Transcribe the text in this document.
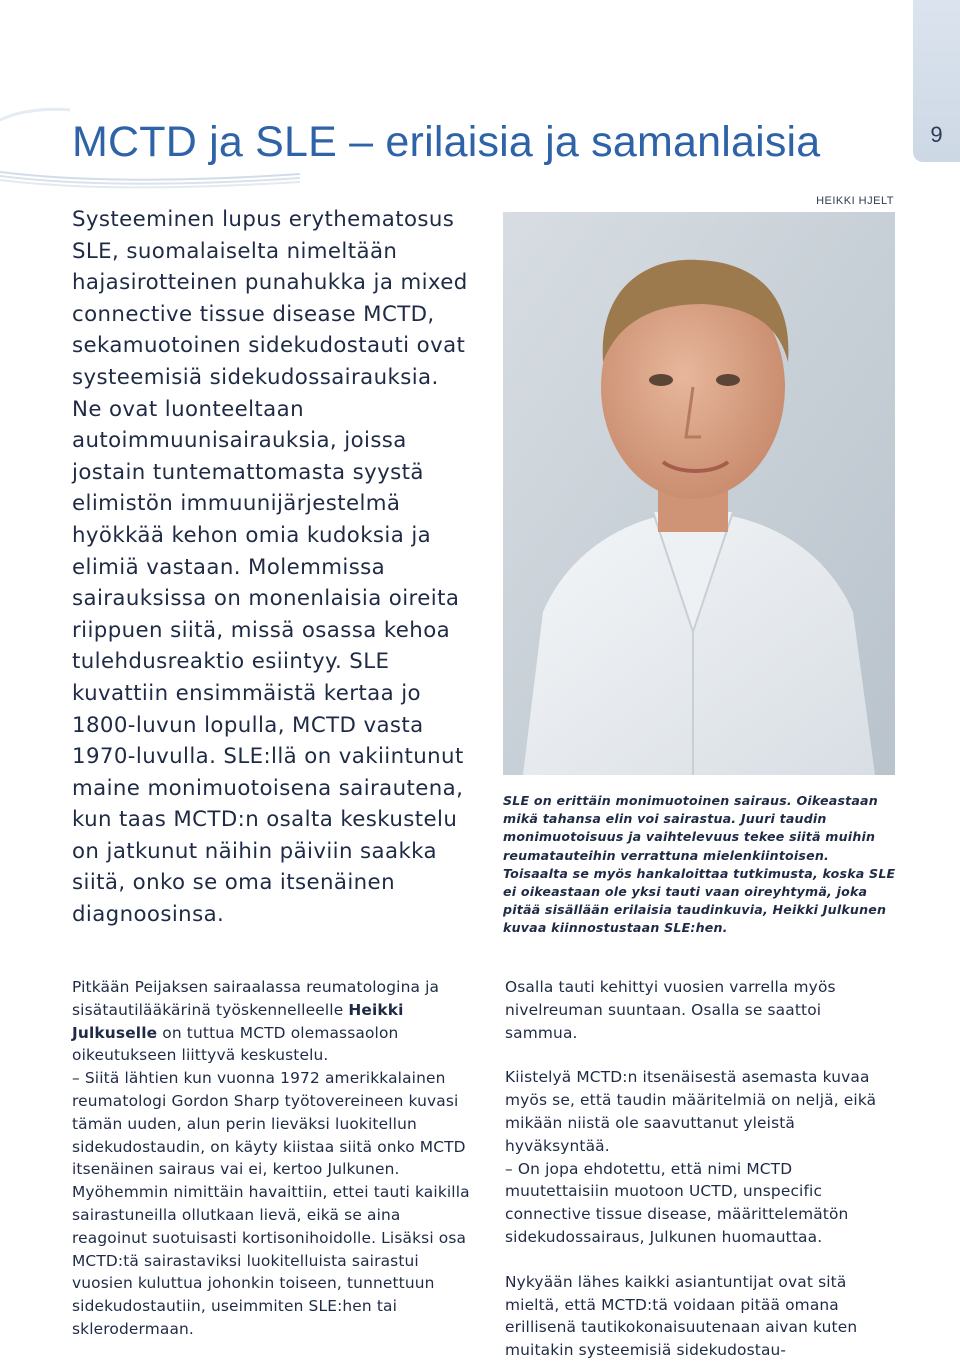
9
MCTD ja SLE – erilaisia ja samanlaisia

Systeeminen lupus erythematosus SLE, suomalaiselta nimeltään hajasirotteinen punahukka ja mixed connective tissue disease MCTD, sekamuotoinen sidekudostauti ovat systeemisiä sidekudossairauksia. Ne ovat luonteeltaan autoimmuunisairauksia, joissa jostain tuntemattomasta syystä elimistön immuunijärjestelmä hyökkää kehon omia kudoksia ja elimiä vastaan. Molemmissa sairauksissa on monenlaisia oireita riippuen siitä, missä osassa kehoa tulehdusreaktio esiintyy. SLE kuvattiin ensimmäistä kertaa jo 1800-luvun lopulla, MCTD vasta 1970-luvulla. SLE:llä on vakiintunut maine monimuotoisena sairautena, kun taas MCTD:n osalta keskustelu on jatkunut näihin päiviin saakka siitä, onko se oma itsenäinen diagnoosinsa.

HEIKKI HJELT

SLE on erittäin monimuotoinen sairaus. Oikeastaan mikä tahansa elin voi sairastua. Juuri taudin monimuotoisuus ja vaihtelevuus tekee siitä muihin reumatauteihin verrattuna mielenkiintoisen. Toisaalta se myös hankaloittaa tutkimusta, koska SLE ei oikeastaan ole yksi tauti vaan oireyhtymä, joka pitää sisällään erilaisia taudinkuvia, Heikki Julkunen kuvaa kiinnostustaan SLE:hen.

Pitkään Peijaksen sairaalassa reumatologina ja sisätautilääkärinä työskennelleelle Heikki Julkuselle on tuttua MCTD olemassaolon oikeutukseen liittyvä keskustelu.

– Siitä lähtien kun vuonna 1972 amerikkalainen reumatologi Gordon Sharp työtovereineen kuvasi tämän uuden, alun perin lieväksi luokitellun sidekudostaudin, on käyty kiistaa siitä onko MCTD itsenäinen sairaus vai ei, kertoo Julkunen. Myöhemmin nimittäin havaittiin, ettei tauti kaikilla sairastuneilla ollutkaan lievä, eikä se aina reagoinut suotuisasti kortisonihoidolle. Lisäksi osa MCTD:tä sairastaviksi luokitelluista sairastui vuosien kuluttua johonkin toiseen, tunnettuun sidekudostautiin, useimmiten SLE:hen tai sklerodermaan.

Osalla tauti kehittyi vuosien varrella myös nivelreuman suuntaan. Osalla se saattoi sammua.

Kiistelyä MCTD:n itsenäisestä asemasta kuvaa myös se, että taudin määritelmiä on neljä, eikä mikään niistä ole saavuttanut yleistä hyväksyntää.

– On jopa ehdotettu, että nimi MCTD muutettaisiin muotoon UCTD, unspecific connective tissue disease, määrittelemätön sidekudossairaus, Julkunen huomauttaa.

Nykyään lähes kaikki asiantuntijat ovat sitä mieltä, että MCTD:tä voidaan pitää omana erillisenä tautikokonaisuutenaan aivan kuten muitakin systeemisiä sidekudostau-
